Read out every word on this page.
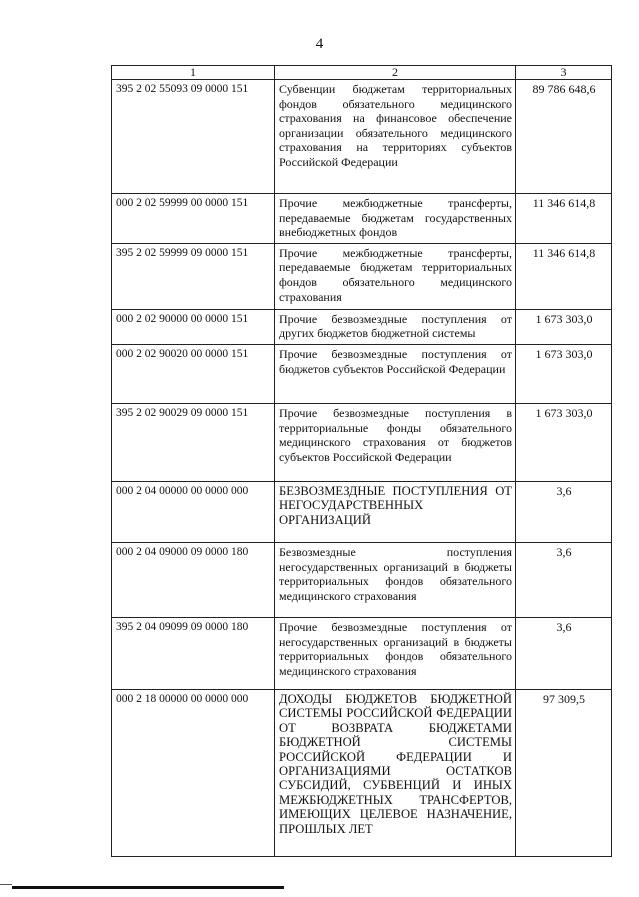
4
1	2	3
395 2 02 55093 09 0000 151	Субвенции бюджетам территориальных фондов обязательного медицинского страхования на финансовое обеспечение организации обязательного медицинского страхования на территориях субъектов Российской Федерации	89 786 648,6
000 2 02 59999 00 0000 151	Прочие межбюджетные трансферты, передаваемые бюджетам государственных внебюджетных фондов	11 346 614,8
395 2 02 59999 09 0000 151	Прочие межбюджетные трансферты, передаваемые бюджетам территориальных фондов обязательного медицинского страхования	11 346 614,8
000 2 02 90000 00 0000 151	Прочие безвозмездные поступления от других бюджетов бюджетной системы	1 673 303,0
000 2 02 90020 00 0000 151	Прочие безвозмездные поступления от бюджетов субъектов Российской Федерации	1 673 303,0
395 2 02 90029 09 0000 151	Прочие безвозмездные поступления в территориальные фонды обязательного медицинского страхования от бюджетов субъектов Российской Федерации	1 673 303,0
000 2 04 00000 00 0000 000	БЕЗВОЗМЕЗДНЫЕ ПОСТУПЛЕНИЯ ОТ НЕГОСУДАРСТВЕННЫХ ОРГАНИЗАЦИЙ	3,6
000 2 04 09000 09 0000 180	Безвозмездные поступления негосударственных организаций в бюджеты территориальных фондов обязательного медицинского страхования	3,6
395 2 04 09099 09 0000 180	Прочие безвозмездные поступления от негосударственных организаций в бюджеты территориальных фондов обязательного медицинского страхования	3,6
000 2 18 00000 00 0000 000	ДОХОДЫ БЮДЖЕТОВ БЮДЖЕТНОЙ СИСТЕМЫ РОССИЙСКОЙ ФЕДЕРАЦИИ ОТ ВОЗВРАТА БЮДЖЕТАМИ БЮДЖЕТНОЙ СИСТЕМЫ РОССИЙСКОЙ ФЕДЕРАЦИИ И ОРГАНИЗАЦИЯМИ ОСТАТКОВ СУБСИДИЙ, СУБВЕНЦИЙ И ИНЫХ МЕЖБЮДЖЕТНЫХ ТРАНСФЕРТОВ, ИМЕЮЩИХ ЦЕЛЕВОЕ НАЗНАЧЕНИЕ, ПРОШЛЫХ ЛЕТ	97 309,5
